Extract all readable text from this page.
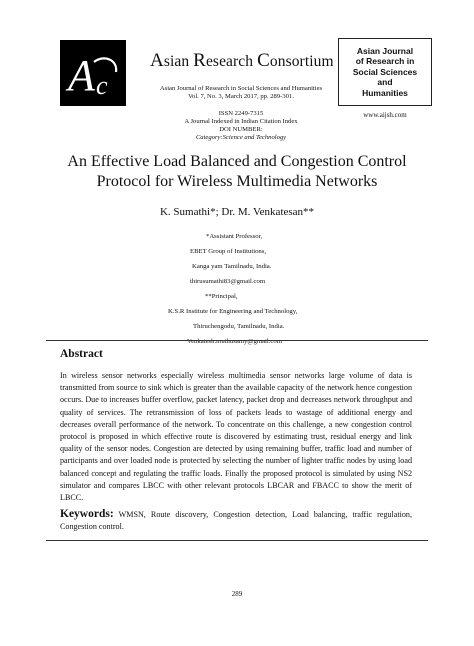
A c
Asian Research Consortium
Asian Journal of Research in Social Sciences and Humanities
Vol. 7, No. 3, March 2017, pp. 289-301.
ISSN 2249-7315
A Journal Indexed in Indian Citation Index
DOI NUMBER:
Category:Science and Technology
Asian Journal
of Research in
Social Sciences
and
Humanities
www.aijsh.com
An Effective Load Balanced and Congestion Control
Protocol for Wireless Multimedia Networks
K. Sumathi*; Dr. M. Venkatesan**

*Assistant Professor,

EBET Group of Institutions,

Kanga yam Tamilnadu, India.

thirusumathi83@gmail.com

**Principal,

K.S.R Institute for Engineering and Technology,

Thiruchengodu, Tamilnadu, India.

Venkatesh.muthusamy@gmail.com

Abstract
In wireless sensor networks especially wireless multimedia sensor networks large volume of data is transmitted from source to sink which is greater than the available capacity of the network hence congestion occurs. Due to increases buffer overflow, packet latency, packet drop and decreases network throughput and quality of services. The retransmission of loss of packets leads to wastage of additional energy and decreases overall performance of the network. To concentrate on this challenge, a new congestion control protocol is proposed in which effective route is discovered by estimating trust, residual energy and link quality of the sensor nodes. Congestion are detected by using remaining buffer, traffic load and number of participants and over loaded node is protected by selecting the number of lighter traffic nodes by using load balanced concept and regulating the traffic loads. Finally the proposed protocol is simulated by using NS2 simulator and compares LBCC with other relevant protocols LBCAR and FBACC to show the merit of LBCC.
Keywords: WMSN, Route discovery, Congestion detection, Load balancing, traffic regulation, Congestion control.
289
